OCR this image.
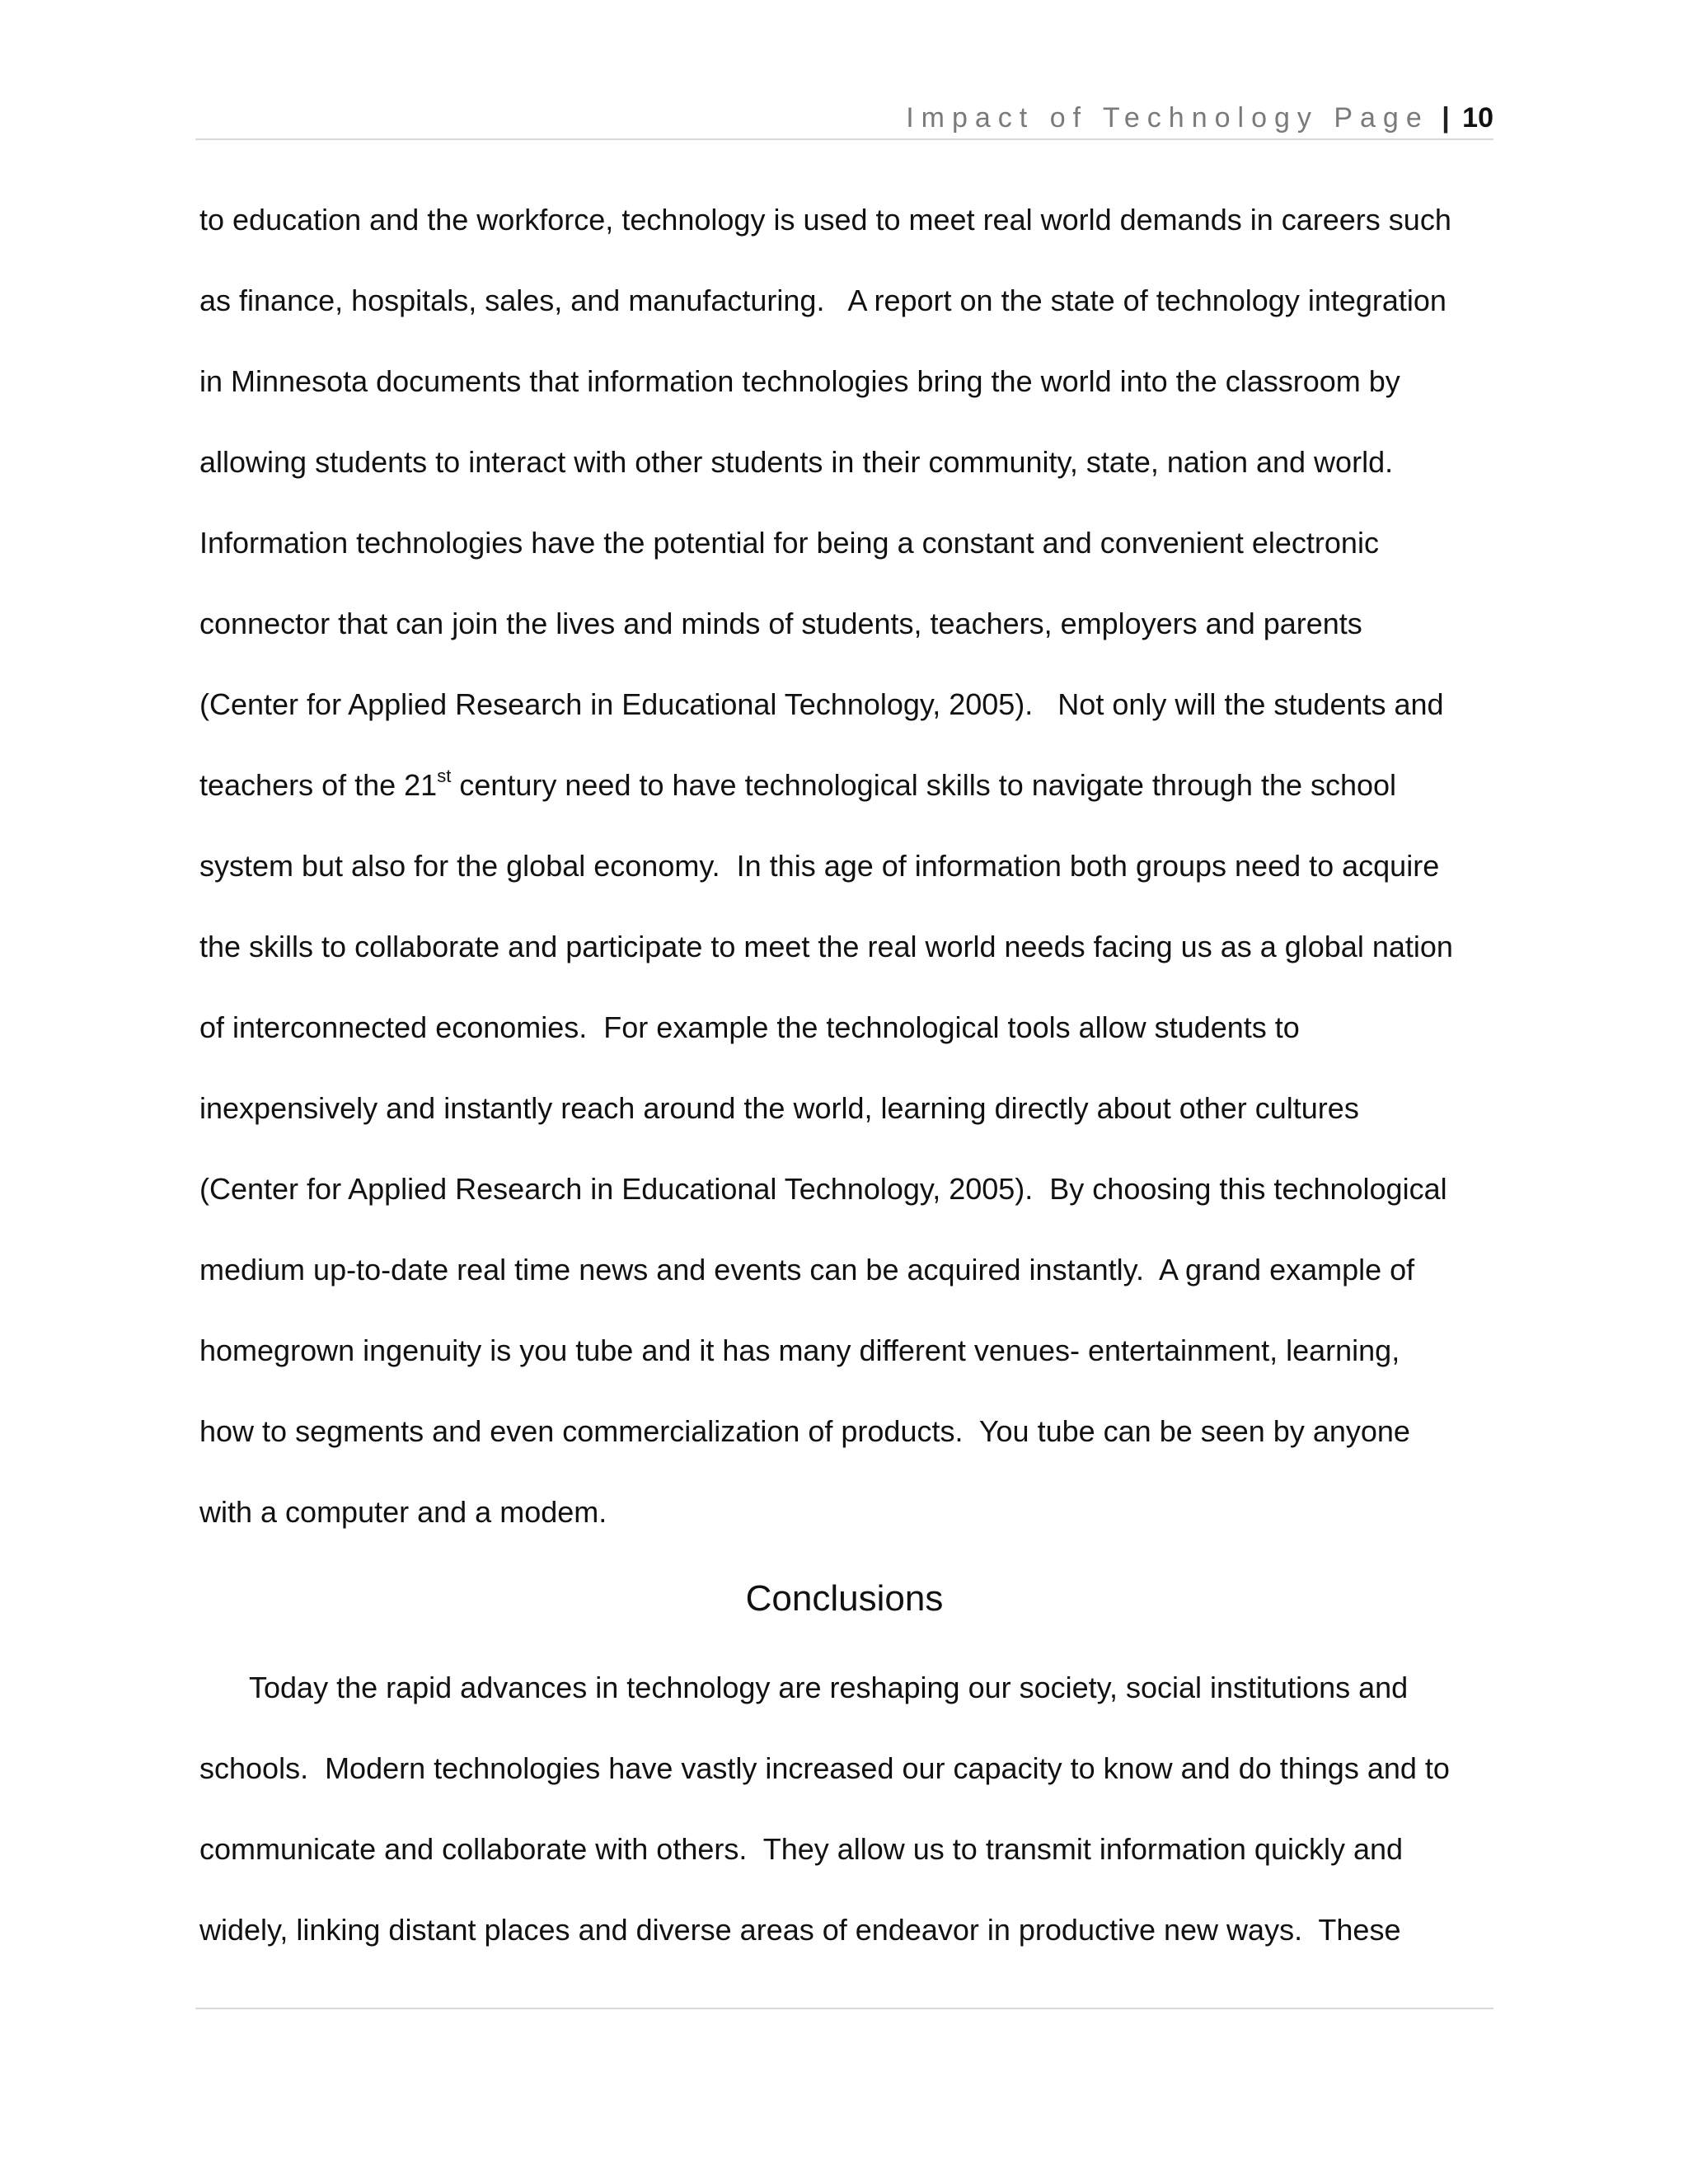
Impact of Technology Page | 10
to education and the workforce, technology is used to meet real world demands in careers such
as finance, hospitals, sales, and manufacturing.   A report on the state of technology integration
in Minnesota documents that information technologies bring the world into the classroom by
allowing students to interact with other students in their community, state, nation and world.
Information technologies have the potential for being a constant and convenient electronic
connector that can join the lives and minds of students, teachers, employers and parents
(Center for Applied Research in Educational Technology, 2005).   Not only will the students and
teachers of the 21st century need to have technological skills to navigate through the school
system but also for the global economy.  In this age of information both groups need to acquire
the skills to collaborate and participate to meet the real world needs facing us as a global nation
of interconnected economies.  For example the technological tools allow students to
inexpensively and instantly reach around the world, learning directly about other cultures
(Center for Applied Research in Educational Technology, 2005).  By choosing this technological
medium up-to-date real time news and events can be acquired instantly.  A grand example of
homegrown ingenuity is you tube and it has many different venues- entertainment, learning,
how to segments and even commercialization of products.  You tube can be seen by anyone
with a computer and a modem.
Conclusions
Today the rapid advances in technology are reshaping our society, social institutions and
schools.  Modern technologies have vastly increased our capacity to know and do things and to
communicate and collaborate with others.  They allow us to transmit information quickly and
widely, linking distant places and diverse areas of endeavor in productive new ways.  These
